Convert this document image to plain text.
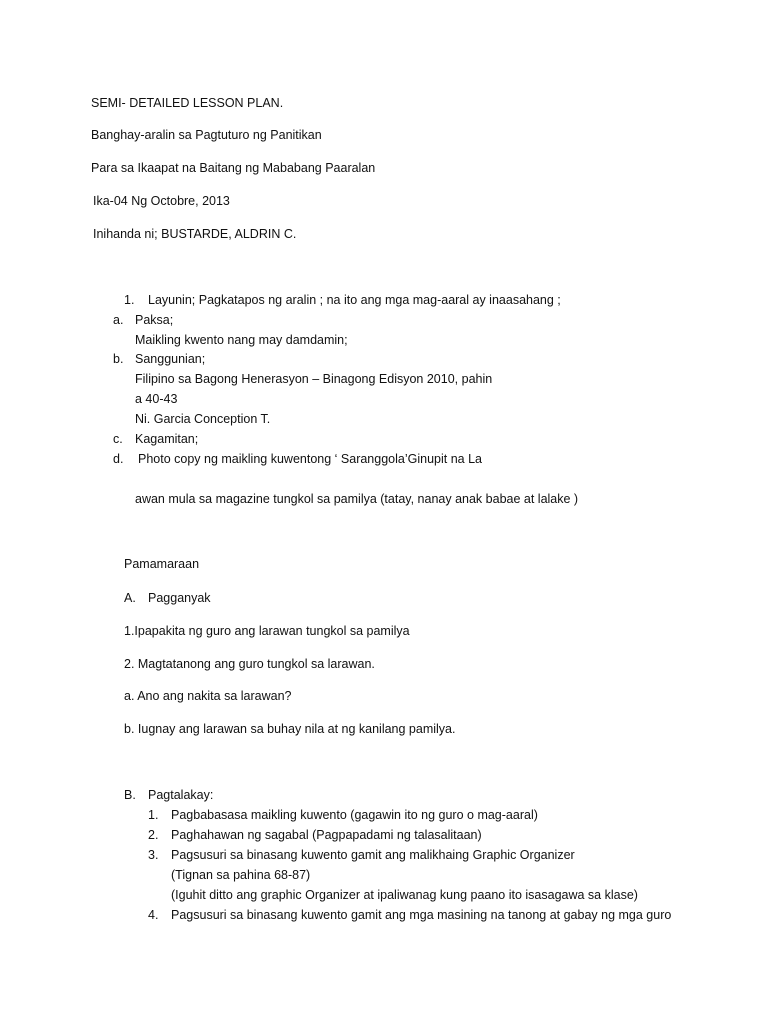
SEMI- DETAILED LESSON PLAN.
Banghay-aralin sa Pagtuturo ng Panitikan
Para sa Ikaapat na Baitang ng Mababang Paaralan
Ika-04 Ng Octobre, 2013
Inihanda ni; BUSTARDE, ALDRIN C.
1. Layunin; Pagkatapos ng aralin ; na ito ang mga mag-aaral ay inaasahang ;
a. Paksa;
Maikling kwento nang may damdamin;
b. Sanggunian;
Filipino sa Bagong Henerasyon – Binagong Edisyon 2010, pahin
a 40-43
Ni. Garcia Conception T.
c. Kagamitan;
d. Photo copy ng maikling kuwentong ‘ Saranggola’Ginupit na La
awan mula sa magazine tungkol sa pamilya (tatay, nanay anak babae at lalake )
Pamamaraan
A. Pagganyak
1.Ipapakita ng guro ang larawan tungkol sa pamilya
2. Magtatanong ang guro tungkol sa larawan.
a. Ano ang nakita sa larawan?
b. Iugnay ang larawan sa buhay nila at ng kanilang pamilya.
B. Pagtalakay:
1. Pagbabasasa maikling kuwento (gagawin ito ng guro o mag-aaral)
2. Paghahawan ng sagabal (Pagpapadami ng talasalitaan)
3. Pagsusuri sa binasang kuwento gamit ang malikhaing Graphic Organizer
(Tignan sa pahina 68-87)
(Iguhit ditto ang graphic Organizer at ipaliwanag kung paano ito isasagawa sa klase)
4. Pagsusuri sa binasang kuwento gamit ang mga masining na tanong at gabay ng mga guro
